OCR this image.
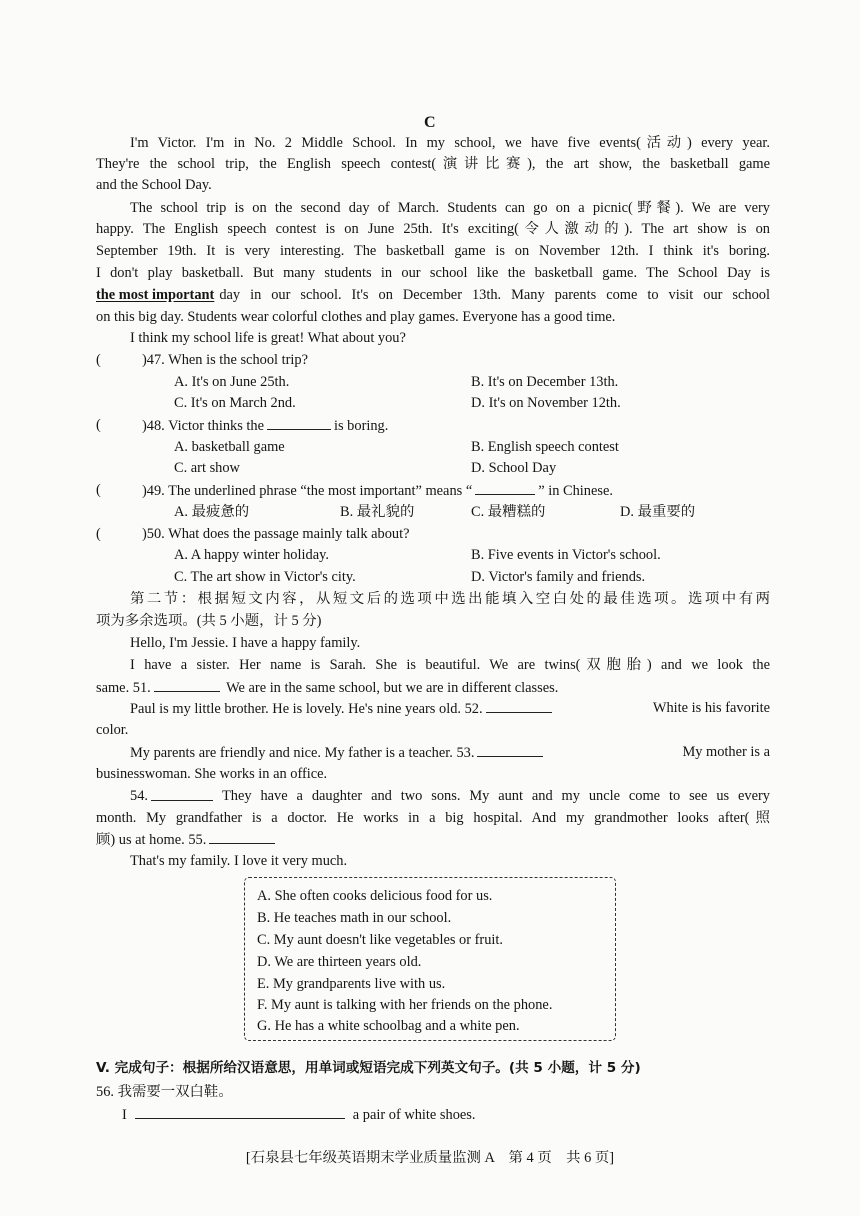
C
I'm Victor. I'm in No. 2 Middle School. In my school, we have five events(活动) every year.
They're the school trip, the English speech contest(演讲比赛), the art show, the basketball game
and the School Day.
The school trip is on the second day of March. Students can go on a picnic(野餐). We are very
happy. The English speech contest is on June 25th. It's exciting(令人激动的). The art show is on
September 19th. It is very interesting. The basketball game is on November 12th. I think it's boring.
I don't play basketball. But many students in our school like the basketball game. The School Day is
the most important day in our school. It's on December 13th. Many parents come to visit our school
on this big day. Students wear colorful clothes and play games. Everyone has a good time.
I think my school life is great! What about you?
(	)47. When is the school trip?
A. It's on June 25th.	B. It's on December 13th.
C. It's on March 2nd.	D. It's on November 12th.
(	)48. Victor thinks the	is boring.
A. basketball game	B. English speech contest
C. art show	D. School Day
(	)49. The underlined phrase “the most important” means “	” in Chinese.
A. 最疲惫的	B. 最礼貌的	C. 最糟糕的	D. 最重要的
(	)50. What does the passage mainly talk about?
A. A happy winter holiday.	B. Five events in Victor's school.
C. The art show in Victor's city.	D. Victor's family and friends.
第二节：根据短文内容，从短文后的选项中选出能填入空白处的最佳选项。选项中有两
项为多余选项。(共 5 小题，计 5 分)
Hello, I'm Jessie. I have a happy family.
I have a sister. Her name is Sarah. She is beautiful. We are twins(双胞胎) and we look the
same. 51.	We are in the same school, but we are in different classes.
Paul is my little brother. He is lovely. He's nine years old. 52.	White is his favorite
color.
My parents are friendly and nice. My father is a teacher. 53.	My mother is a
businesswoman. She works in an office.
54.	They have a daughter and two sons. My aunt and my uncle come to see us every
month. My grandfather is a doctor. He works in a big hospital. And my grandmother looks after(照
顾) us at home. 55.
That's my family. I love it very much.
A. She often cooks delicious food for us.
B. He teaches math in our school.
C. My aunt doesn't like vegetables or fruit.
D. We are thirteen years old.
E. My grandparents live with us.
F. My aunt is talking with her friends on the phone.
G. He has a white schoolbag and a white pen.
V. 完成句子：根据所给汉语意思，用单词或短语完成下列英文句子。(共 5 小题，计 5 分)
56. 我需要一双白鞋。
I	a pair of white shoes.
[石泉县七年级英语期末学业质量监测 A　第 4 页　共 6 页]
